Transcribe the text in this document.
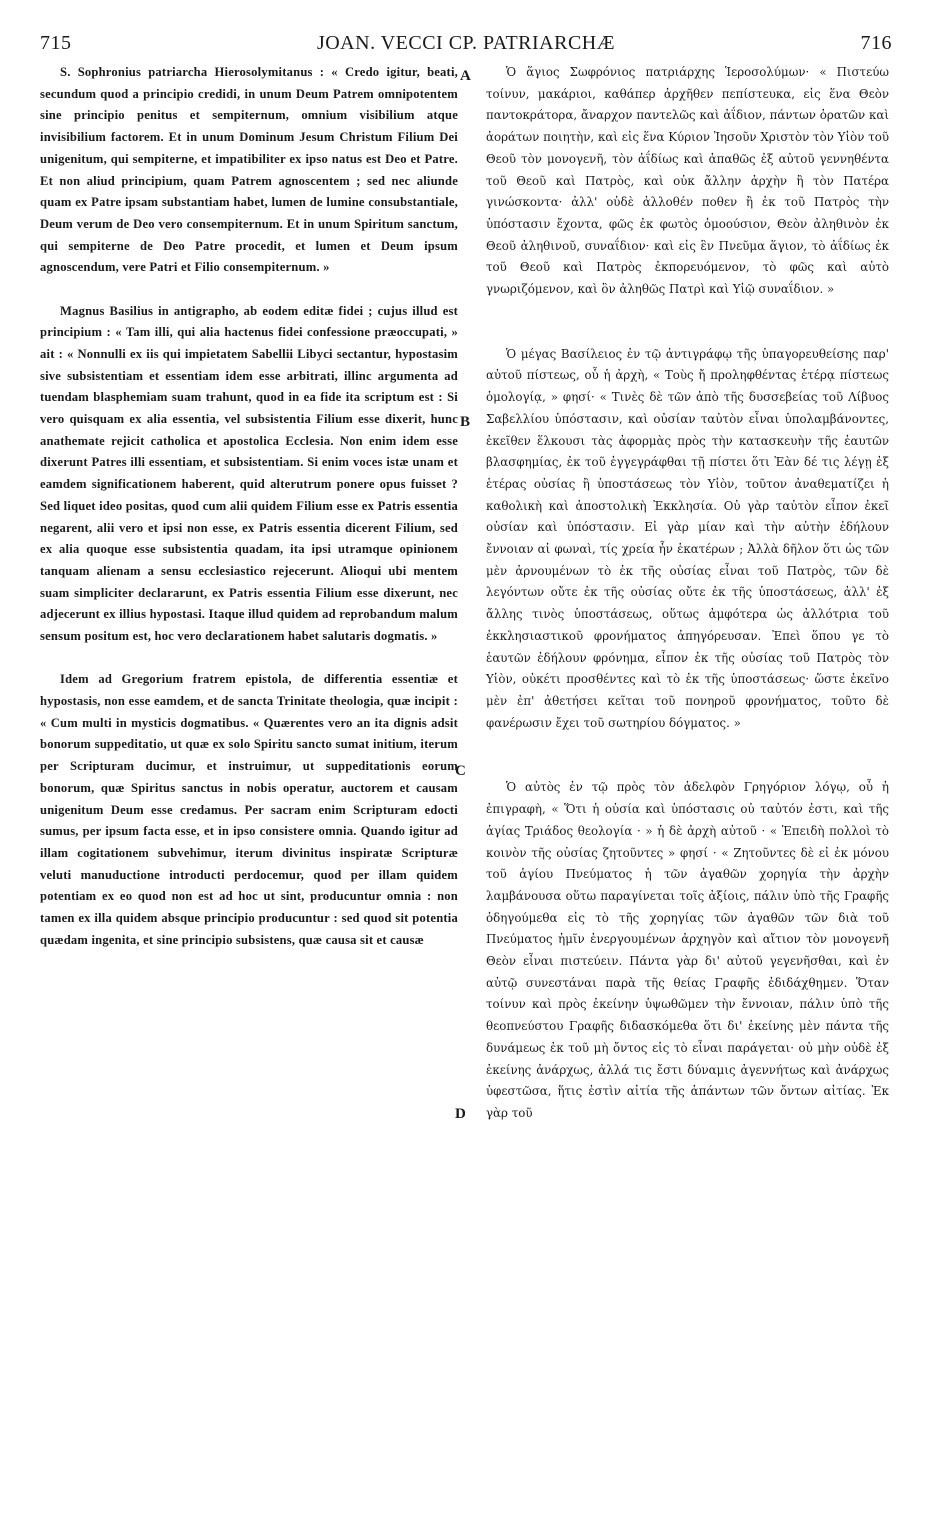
715	JOAN. VECCI CP. PATRIARCHÆ	716

S. Sophronius patriarcha Hierosolymitanus : « Credo igitur, beati, secundum quod a principio credidi, in unum Deum Patrem omnipotentem sine principio penitus et sempiternum, omnium visibilium atque invisibilium factorem. Et in unum Dominum Jesum Christum Filium Dei unigenitum, qui sempiterne, et impatibiliter ex ipso natus est Deo et Patre. Et non aliud principium, quam Patrem agnoscentem ; sed nec aliunde quam ex Patre ipsam substantiam habet, lumen de lumine consubstantiale, Deum verum de Deo vero consempiternum. Et in unum Spiritum sanctum, qui sempiterne de Deo Patre procedit, et lumen et Deum ipsum agnoscendum, vere Patri et Filio consempiternum. »

Magnus Basilius in antigrapho, ab eodem editæ fidei ; cujus illud est principium : « Tam illi, qui alia hactenus fidei confessione præoccupati, » ait : « Nonnulli ex iis qui impietatem Sabellii Libyci sectantur, hypostasim sive subsistentiam et essentiam idem esse arbitrati, illinc argumenta ad tuendam blasphemiam suam trahunt, quod in ea fide ita scriptum est : Si vero quisquam ex alia essentia, vel subsistentia Filium esse dixerit, hunc anathemate rejicit catholica et apostolica Ecclesia. Non enim idem esse dixerunt Patres illi essentiam, et subsistentiam. Si enim voces istæ unam et eamdem significationem haberent, quid alterutrum ponere opus fuisset ? Sed liquet ideo positas, quod cum alii quidem Filium esse ex Patris essentia negarent, alii vero et ipsi non esse, ex Patris essentia dicerent Filium, sed ex alia quoque esse subsistentia quadam, ita ipsi utramque opinionem tanquam alienam a sensu ecclesiastico rejecerunt. Alioqui ubi mentem suam simpliciter declararunt, ex Patris essentia Filium esse dixerunt, nec adjecerunt ex illius hypostasi. Itaque illud quidem ad reprobandum malum sensum positum est, hoc vero declarationem habet salutaris dogmatis. »

Idem ad Gregorium fratrem epistola, de differentia essentiæ et hypostasis, non esse eamdem, et de sancta Trinitate theologia, quæ incipit : « Cum multi in mysticis dogmatibus. « Quærentes vero an ita dignis adsit bonorum suppeditatio, ut quæ ex solo Spiritu sancto sumat initium, iterum per Scripturam ducimur, et instruimur, ut suppeditationis eorum bonorum, quæ Spiritus sanctus in nobis operatur, auctorem et causam unigenitum Deum esse credamus. Per sacram enim Scripturam edocti sumus, per ipsum facta esse, et in ipso consistere omnia. Quando igitur ad illam cogitationem subvehimur, iterum divinitus inspiratæ Scripturæ veluti manuductione introducti perdocemur, quod per illam quidem potentiam ex eo quod non est ad hoc ut sint, producuntur omnia : non tamen ex illa quidem absque principio producuntur : sed quod sit potentia quædam ingenita, et sine principio subsistens, quæ causa sit et causæ

Ὁ ἅγιος Σωφρόνιος πατριάρχης Ἱεροσολύμων· « Πιστεύω τοίνυν, μακάριοι, καθάπερ ἀρχῆθεν πεπίστευκα, εἰς ἕνα Θεὸν παντοκράτορα, ἄναρχον παντελῶς καὶ ἀΐδιον, πάντων ὁρατῶν καὶ ἀοράτων ποιητὴν, καὶ εἰς ἕνα Κύριον Ἰησοῦν Χριστὸν τὸν Υἱὸν τοῦ Θεοῦ τὸν μονογενῆ, τὸν ἀΐδίως καὶ ἀπαθῶς ἐξ αὐτοῦ γεννηθέντα τοῦ Θεοῦ καὶ Πατρὸς, καὶ οὐκ ἄλλην ἀρχὴν ἢ τὸν Πατέρα γινώσκοντα· ἀλλ' οὐδὲ ἀλλοθέν ποθεν ἢ ἐκ τοῦ Πατρὸς τὴν ὑπόστασιν ἔχοντα, φῶς ἐκ φωτὸς ὁμοούσιον, Θεὸν ἀληθινὸν ἐκ Θεοῦ ἀληθινοῦ, συναΐδιον· καὶ εἰς ἓν Πνεῦμα ἅγιον, τὸ ἀΐδίως ἐκ τοῦ Θεοῦ καὶ Πατρὸς ἐκπορευόμενον, τὸ φῶς καὶ αὐτὸ γνωριζόμενον, καὶ ὃν ἀληθῶς Πατρὶ καὶ Υἱῷ συναΐδιον. »

Ὁ μέγας Βασίλειος ἐν τῷ ἀντιγράφῳ τῆς ὑπαγορευθείσης παρ' αὐτοῦ πίστεως, οὗ ἡ ἀρχὴ, « Τοὺς ἤ προληφθέντας ἑτέρᾳ πίστεως ὁμολογίᾳ, » φησί· « Τινὲς δὲ τῶν ἀπὸ τῆς δυσσεβείας τοῦ Λίβυος Σαβελλίου ὑπόστασιν, καὶ οὐσίαν ταὐτὸν εἶναι ὑπολαμβάνοντες, ἐκεῖθεν ἕλκουσι τὰς ἀφορμὰς πρὸς τὴν κατασκευὴν τῆς ἑαυτῶν βλασφημίας, ἐκ τοῦ ἐγγεγράφθαι τῇ πίστει ὅτι Ἐὰν δέ τις λέγῃ ἐξ ἑτέρας οὐσίας ἢ ὑποστάσεως τὸν Υἱὸν, τοῦτον ἀναθεματίζει ἡ καθολικὴ καὶ ἀποστολικὴ Ἐκκλησία. Οὐ γὰρ ταὐτὸν εἶπον ἐκεῖ οὐσίαν καὶ ὑπόστασιν. Εἰ γὰρ μίαν καὶ τὴν αὐτὴν ἐδήλουν ἔννοιαν αἱ φωναὶ, τίς χρεία ἦν ἑκατέρων ; Ἀλλὰ δῆλον ὅτι ὡς τῶν μὲν ἀρνουμένων τὸ ἐκ τῆς οὐσίας εἶναι τοῦ Πατρὸς, τῶν δὲ λεγόντων οὔτε ἐκ τῆς οὐσίας οὔτε ἐκ τῆς ὑποστάσεως, ἀλλ' ἐξ ἄλλης τινὸς ὑποστάσεως, οὕτως ἀμφότερα ὡς ἀλλότρια τοῦ ἐκκλησιαστικοῦ φρονήματος ἀπηγόρευσαν. Ἐπεὶ ὅπου γε τὸ ἑαυτῶν ἐδήλουν φρόνημα, εἶπον ἐκ τῆς οὐσίας τοῦ Πατρὸς τὸν Υἱὸν, οὐκέτι προσθέντες καὶ τὸ ἐκ τῆς ὑποστάσεως· ὥστε ἐκεῖνο μὲν ἐπ' ἀθετήσει κεῖται τοῦ πονηροῦ φρονήματος, τοῦτο δὲ φανέρωσιν ἔχει τοῦ σωτηρίου δόγματος. »

Ὁ αὐτὸς ἐν τῷ πρὸς τὸν ἀδελφὸν Γρηγόριον λόγῳ, οὗ ἡ ἐπιγραφὴ, « Ὅτι ἡ οὐσία καὶ ὑπόστασις οὐ ταὐτόν ἐστι, καὶ τῆς ἁγίας Τριάδος θεολογία · » ἡ δὲ ἀρχὴ αὐτοῦ · « Ἐπειδὴ πολλοὶ τὸ κοινὸν τῆς οὐσίας ζητοῦντες » φησί · « Ζητοῦντες δὲ εἰ ἐκ μόνου τοῦ ἁγίου Πνεύματος ἡ τῶν ἀγαθῶν χορηγία τὴν ἀρχὴν λαμβάνουσα οὕτω παραγίνεται τοῖς ἀξίοις, πάλιν ὑπὸ τῆς Γραφῆς ὁδηγούμεθα εἰς τὸ τῆς χορηγίας τῶν ἀγαθῶν τῶν διὰ τοῦ Πνεύματος ἡμῖν ἐνεργουμένων ἀρχηγὸν καὶ αἴτιον τὸν μονογενῆ Θεὸν εἶναι πιστεύειν. Πάντα γὰρ δι' αὐτοῦ γεγενῆσθαι, καὶ ἐν αὐτῷ συνεστάναι παρὰ τῆς θείας Γραφῆς ἐδιδάχθημεν. Ὅταν τοίνυν καὶ πρὸς ἐκείνην ὑψωθῶμεν τὴν ἔννοιαν, πάλιν ὑπὸ τῆς θεοπνεύστου Γραφῆς διδασκόμεθα ὅτι δι' ἐκείνης μὲν πάντα τῆς δυνάμεως ἐκ τοῦ μὴ ὄντος εἰς τὸ εἶναι παράγεται· οὐ μὴν οὐδὲ ἐξ ἐκείνης ἀνάρχως, ἀλλά τις ἔστι δύναμις ἀγεννήτως καὶ ἀνάρχως ὑφεστῶσα, ἥτις ἐστὶν αἰτία τῆς ἁπάντων τῶν ὄντων αἰτίας. Ἐκ γὰρ τοῦ

A
B
C
D
